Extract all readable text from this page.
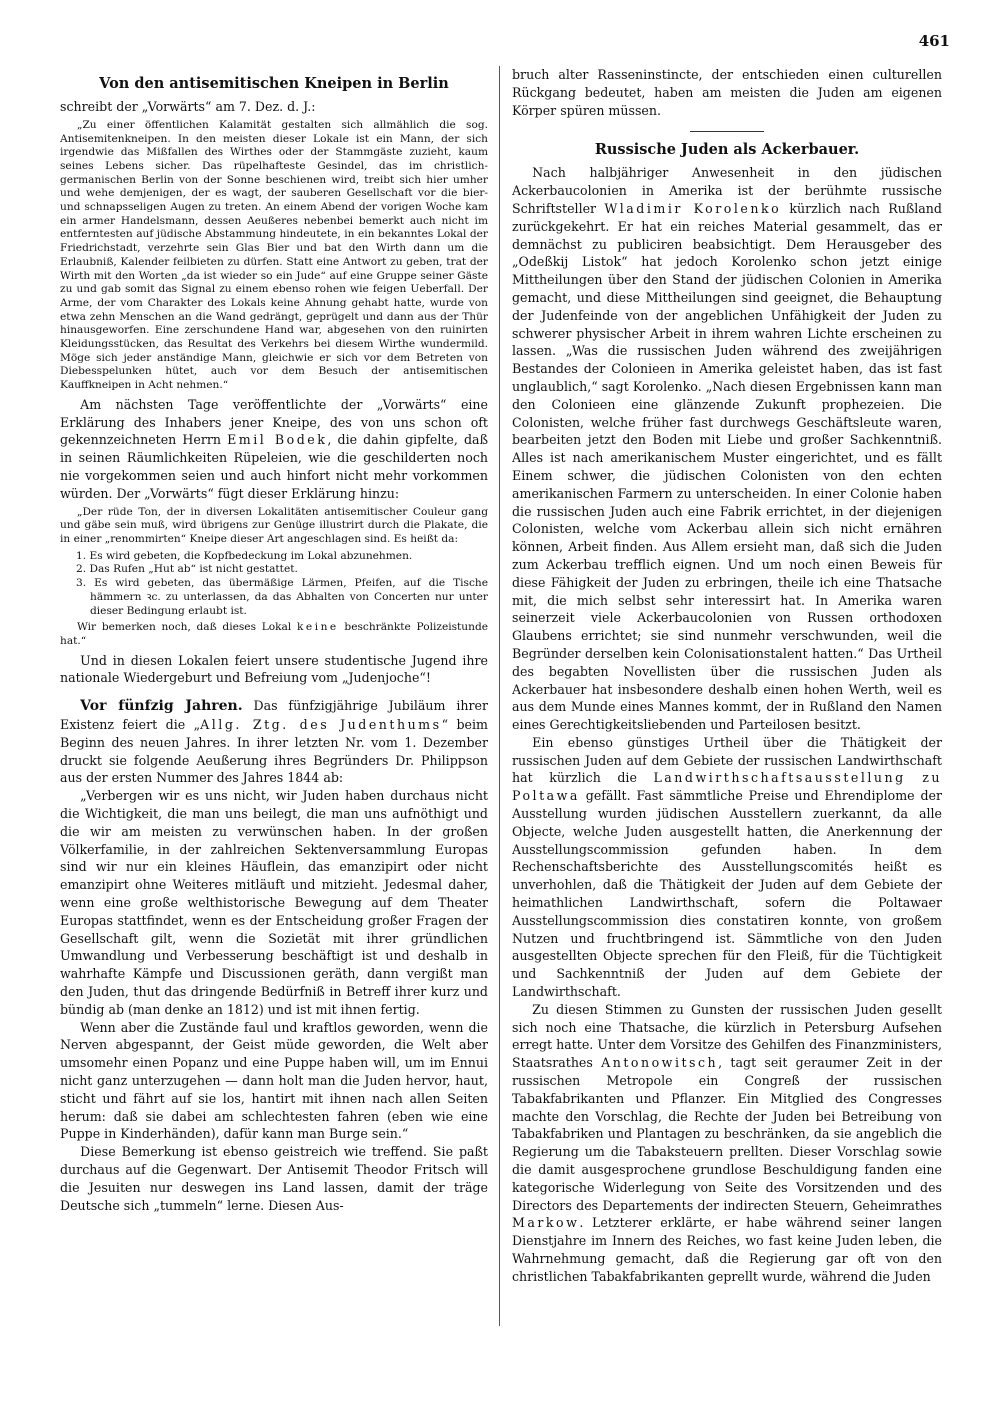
461
Von den antisemitischen Kneipen in Berlin

schreibt der „Vorwärts“ am 7. Dez. d. J.:

„Zu einer öffentlichen Kalamität gestalten sich allmählich die sog. Antisemitenkneipen. In den meisten dieser Lokale ist ein Mann, der sich irgendwie das Mißfallen des Wirthes oder der Stammgäste zuzieht, kaum seines Lebens sicher. Das rüpelhafteste Gesindel, das im christlich-germanischen Berlin von der Sonne beschienen wird, treibt sich hier umher und wehe demjenigen, der es wagt, der sauberen Gesellschaft vor die bier- und schnapsseligen Augen zu treten. An einem Abend der vorigen Woche kam ein armer Handelsmann, dessen Aeußeres nebenbei bemerkt auch nicht im entferntesten auf jüdische Abstammung hindeutete, in ein bekanntes Lokal der Friedrichstadt, verzehrte sein Glas Bier und bat den Wirth dann um die Erlaubniß, Kalender feilbieten zu dürfen. Statt eine Antwort zu geben, trat der Wirth mit den Worten „da ist wieder so ein Jude“ auf eine Gruppe seiner Gäste zu und gab somit das Signal zu einem ebenso rohen wie feigen Ueberfall. Der Arme, der vom Charakter des Lokals keine Ahnung gehabt hatte, wurde von etwa zehn Menschen an die Wand gedrängt, geprügelt und dann aus der Thür hinausgeworfen. Eine zerschundene Hand war, abgesehen von den ruinirten Kleidungsstücken, das Resultat des Verkehrs bei diesem Wirthe wundermild. Möge sich jeder anständige Mann, gleichwie er sich vor dem Betreten von Diebesspelunken hütet, auch vor dem Besuch der antisemitischen Kauffkneipen in Acht nehmen.“

Am nächsten Tage veröffentlichte der „Vorwärts“ eine Erklärung des Inhabers jener Kneipe, des von uns schon oft gekennzeichneten Herrn Emil Bodek, die dahin gipfelte, daß in seinen Räumlichkeiten Rüpeleien, wie die geschilderten noch nie vorgekommen seien und auch hinfort nicht mehr vorkommen würden. Der „Vorwärts“ fügt dieser Erklärung hinzu:

„Der rüde Ton, der in diversen Lokalitäten antisemitischer Couleur gang und gäbe sein muß, wird übrigens zur Genüge illustrirt durch die Plakate, die in einer „renommirten“ Kneipe dieser Art angeschlagen sind. Es heißt da:

1. Es wird gebeten, die Kopfbedeckung im Lokal abzunehmen.

2. Das Rufen „Hut ab“ ist nicht gestattet.

3. Es wird gebeten, das übermäßige Lärmen, Pfeifen, auf die Tische hämmern ꝛc. zu unterlassen, da das Abhalten von Concerten nur unter dieser Bedingung erlaubt ist.

Wir bemerken noch, daß dieses Lokal keine beschränkte Polizeistunde hat.“

Und in diesen Lokalen feiert unsere studentische Jugend ihre nationale Wiedergeburt und Befreiung vom „Judenjoche“!

Vor fünfzig Jahren. Das fünfzigjährige Jubiläum ihrer Existenz feiert die „Allg. Ztg. des Judenthums“ beim Beginn des neuen Jahres. In ihrer letzten Nr. vom 1. Dezember druckt sie folgende Aeußerung ihres Begründers Dr. Philippson aus der ersten Nummer des Jahres 1844 ab:

„Verbergen wir es uns nicht, wir Juden haben durchaus nicht die Wichtigkeit, die man uns beilegt, die man uns aufnöthigt und die wir am meisten zu verwünschen haben. In der großen Völkerfamilie, in der zahlreichen Sektenversammlung Europas sind wir nur ein kleines Häuflein, das emanzipirt oder nicht emanzipirt ohne Weiteres mitläuft und mitzieht. Jedesmal daher, wenn eine große welthistorische Bewegung auf dem Theater Europas stattfindet, wenn es der Entscheidung großer Fragen der Gesellschaft gilt, wenn die Sozietät mit ihrer gründlichen Umwandlung und Verbesserung beschäftigt ist und deshalb in wahrhafte Kämpfe und Discussionen geräth, dann vergißt man den Juden, thut das dringende Bedürfniß in Betreff ihrer kurz und bündig ab (man denke an 1812) und ist mit ihnen fertig.

Wenn aber die Zustände faul und kraftlos geworden, wenn die Nerven abgespannt, der Geist müde geworden, die Welt aber umsomehr einen Popanz und eine Puppe haben will, um im Ennui nicht ganz unterzugehen — dann holt man die Juden hervor, haut, sticht und fährt auf sie los, hantirt mit ihnen nach allen Seiten herum: daß sie dabei am schlechtesten fahren (eben wie eine Puppe in Kinderhänden), dafür kann man Burge sein.“

Diese Bemerkung ist ebenso geistreich wie treffend. Sie paßt durchaus auf die Gegenwart. Der Antisemit Theodor Fritsch will die Jesuiten nur deswegen ins Land lassen, damit der träge Deutsche sich „tummeln“ lerne. Diesen Aus-

bruch alter Rasseninstincte, der entschieden einen culturellen Rückgang bedeutet, haben am meisten die Juden am eigenen Körper spüren müssen.

Russische Juden als Ackerbauer.

Nach halbjähriger Anwesenheit in den jüdischen Ackerbaucolonien in Amerika ist der berühmte russische Schriftsteller Wladimir Korolenko kürzlich nach Rußland zurückgekehrt. Er hat ein reiches Material gesammelt, das er demnächst zu publiciren beabsichtigt. Dem Herausgeber des „Odeßkij Listok“ hat jedoch Korolenko schon jetzt einige Mittheilungen über den Stand der jüdischen Colonien in Amerika gemacht, und diese Mittheilungen sind geeignet, die Behauptung der Judenfeinde von der angeblichen Unfähigkeit der Juden zu schwerer physischer Arbeit in ihrem wahren Lichte erscheinen zu lassen. „Was die russischen Juden während des zweijährigen Bestandes der Colonieen in Amerika geleistet haben, das ist fast unglaublich,“ sagt Korolenko. „Nach diesen Ergebnissen kann man den Colonieen eine glänzende Zukunft prophezeien. Die Colonisten, welche früher fast durchwegs Geschäftsleute waren, bearbeiten jetzt den Boden mit Liebe und großer Sachkenntniß. Alles ist nach amerikanischem Muster eingerichtet, und es fällt Einem schwer, die jüdischen Colonisten von den echten amerikanischen Farmern zu unterscheiden. In einer Colonie haben die russischen Juden auch eine Fabrik errichtet, in der diejenigen Colonisten, welche vom Ackerbau allein sich nicht ernähren können, Arbeit finden. Aus Allem ersieht man, daß sich die Juden zum Ackerbau trefflich eignen. Und um noch einen Beweis für diese Fähigkeit der Juden zu erbringen, theile ich eine Thatsache mit, die mich selbst sehr interessirt hat. In Amerika waren seinerzeit viele Ackerbaucolonien von Russen orthodoxen Glaubens errichtet; sie sind nunmehr verschwunden, weil die Begründer derselben kein Colonisationstalent hatten.“ Das Urtheil des begabten Novellisten über die russischen Juden als Ackerbauer hat insbesondere deshalb einen hohen Werth, weil es aus dem Munde eines Mannes kommt, der in Rußland den Namen eines Gerechtigkeitsliebenden und Parteilosen besitzt.

Ein ebenso günstiges Urtheil über die Thätigkeit der russischen Juden auf dem Gebiete der russischen Landwirthschaft hat kürzlich die Landwirthschaftsausstellung zu Poltawa gefällt. Fast sämmtliche Preise und Ehrendiplome der Ausstellung wurden jüdischen Ausstellern zuerkannt, da alle Objecte, welche Juden ausgestellt hatten, die Anerkennung der Ausstellungscommission gefunden haben. In dem Rechenschaftsberichte des Ausstellungscomités heißt es unverhohlen, daß die Thätigkeit der Juden auf dem Gebiete der heimathlichen Landwirthschaft, sofern die Poltawaer Ausstellungscommission dies constatiren konnte, von großem Nutzen und fruchtbringend ist. Sämmtliche von den Juden ausgestellten Objecte sprechen für den Fleiß, für die Tüchtigkeit und Sachkenntniß der Juden auf dem Gebiete der Landwirthschaft.

Zu diesen Stimmen zu Gunsten der russischen Juden gesellt sich noch eine Thatsache, die kürzlich in Petersburg Aufsehen erregt hatte. Unter dem Vorsitze des Gehilfen des Finanzministers, Staatsrathes Antonowitsch, tagt seit geraumer Zeit in der russischen Metropole ein Congreß der russischen Tabakfabrikanten und Pflanzer. Ein Mitglied des Congresses machte den Vorschlag, die Rechte der Juden bei Betreibung von Tabakfabriken und Plantagen zu beschränken, da sie angeblich die Regierung um die Tabaksteuern prellten. Dieser Vorschlag sowie die damit ausgesprochene grundlose Beschuldigung fanden eine kategorische Widerlegung von Seite des Vorsitzenden und des Directors des Departements der indirecten Steuern, Geheimrathes Markow. Letzterer erklärte, er habe während seiner langen Dienstjahre im Innern des Reiches, wo fast keine Juden leben, die Wahrnehmung gemacht, daß die Regierung gar oft von den christlichen Tabakfabrikanten geprellt wurde, während die Juden
